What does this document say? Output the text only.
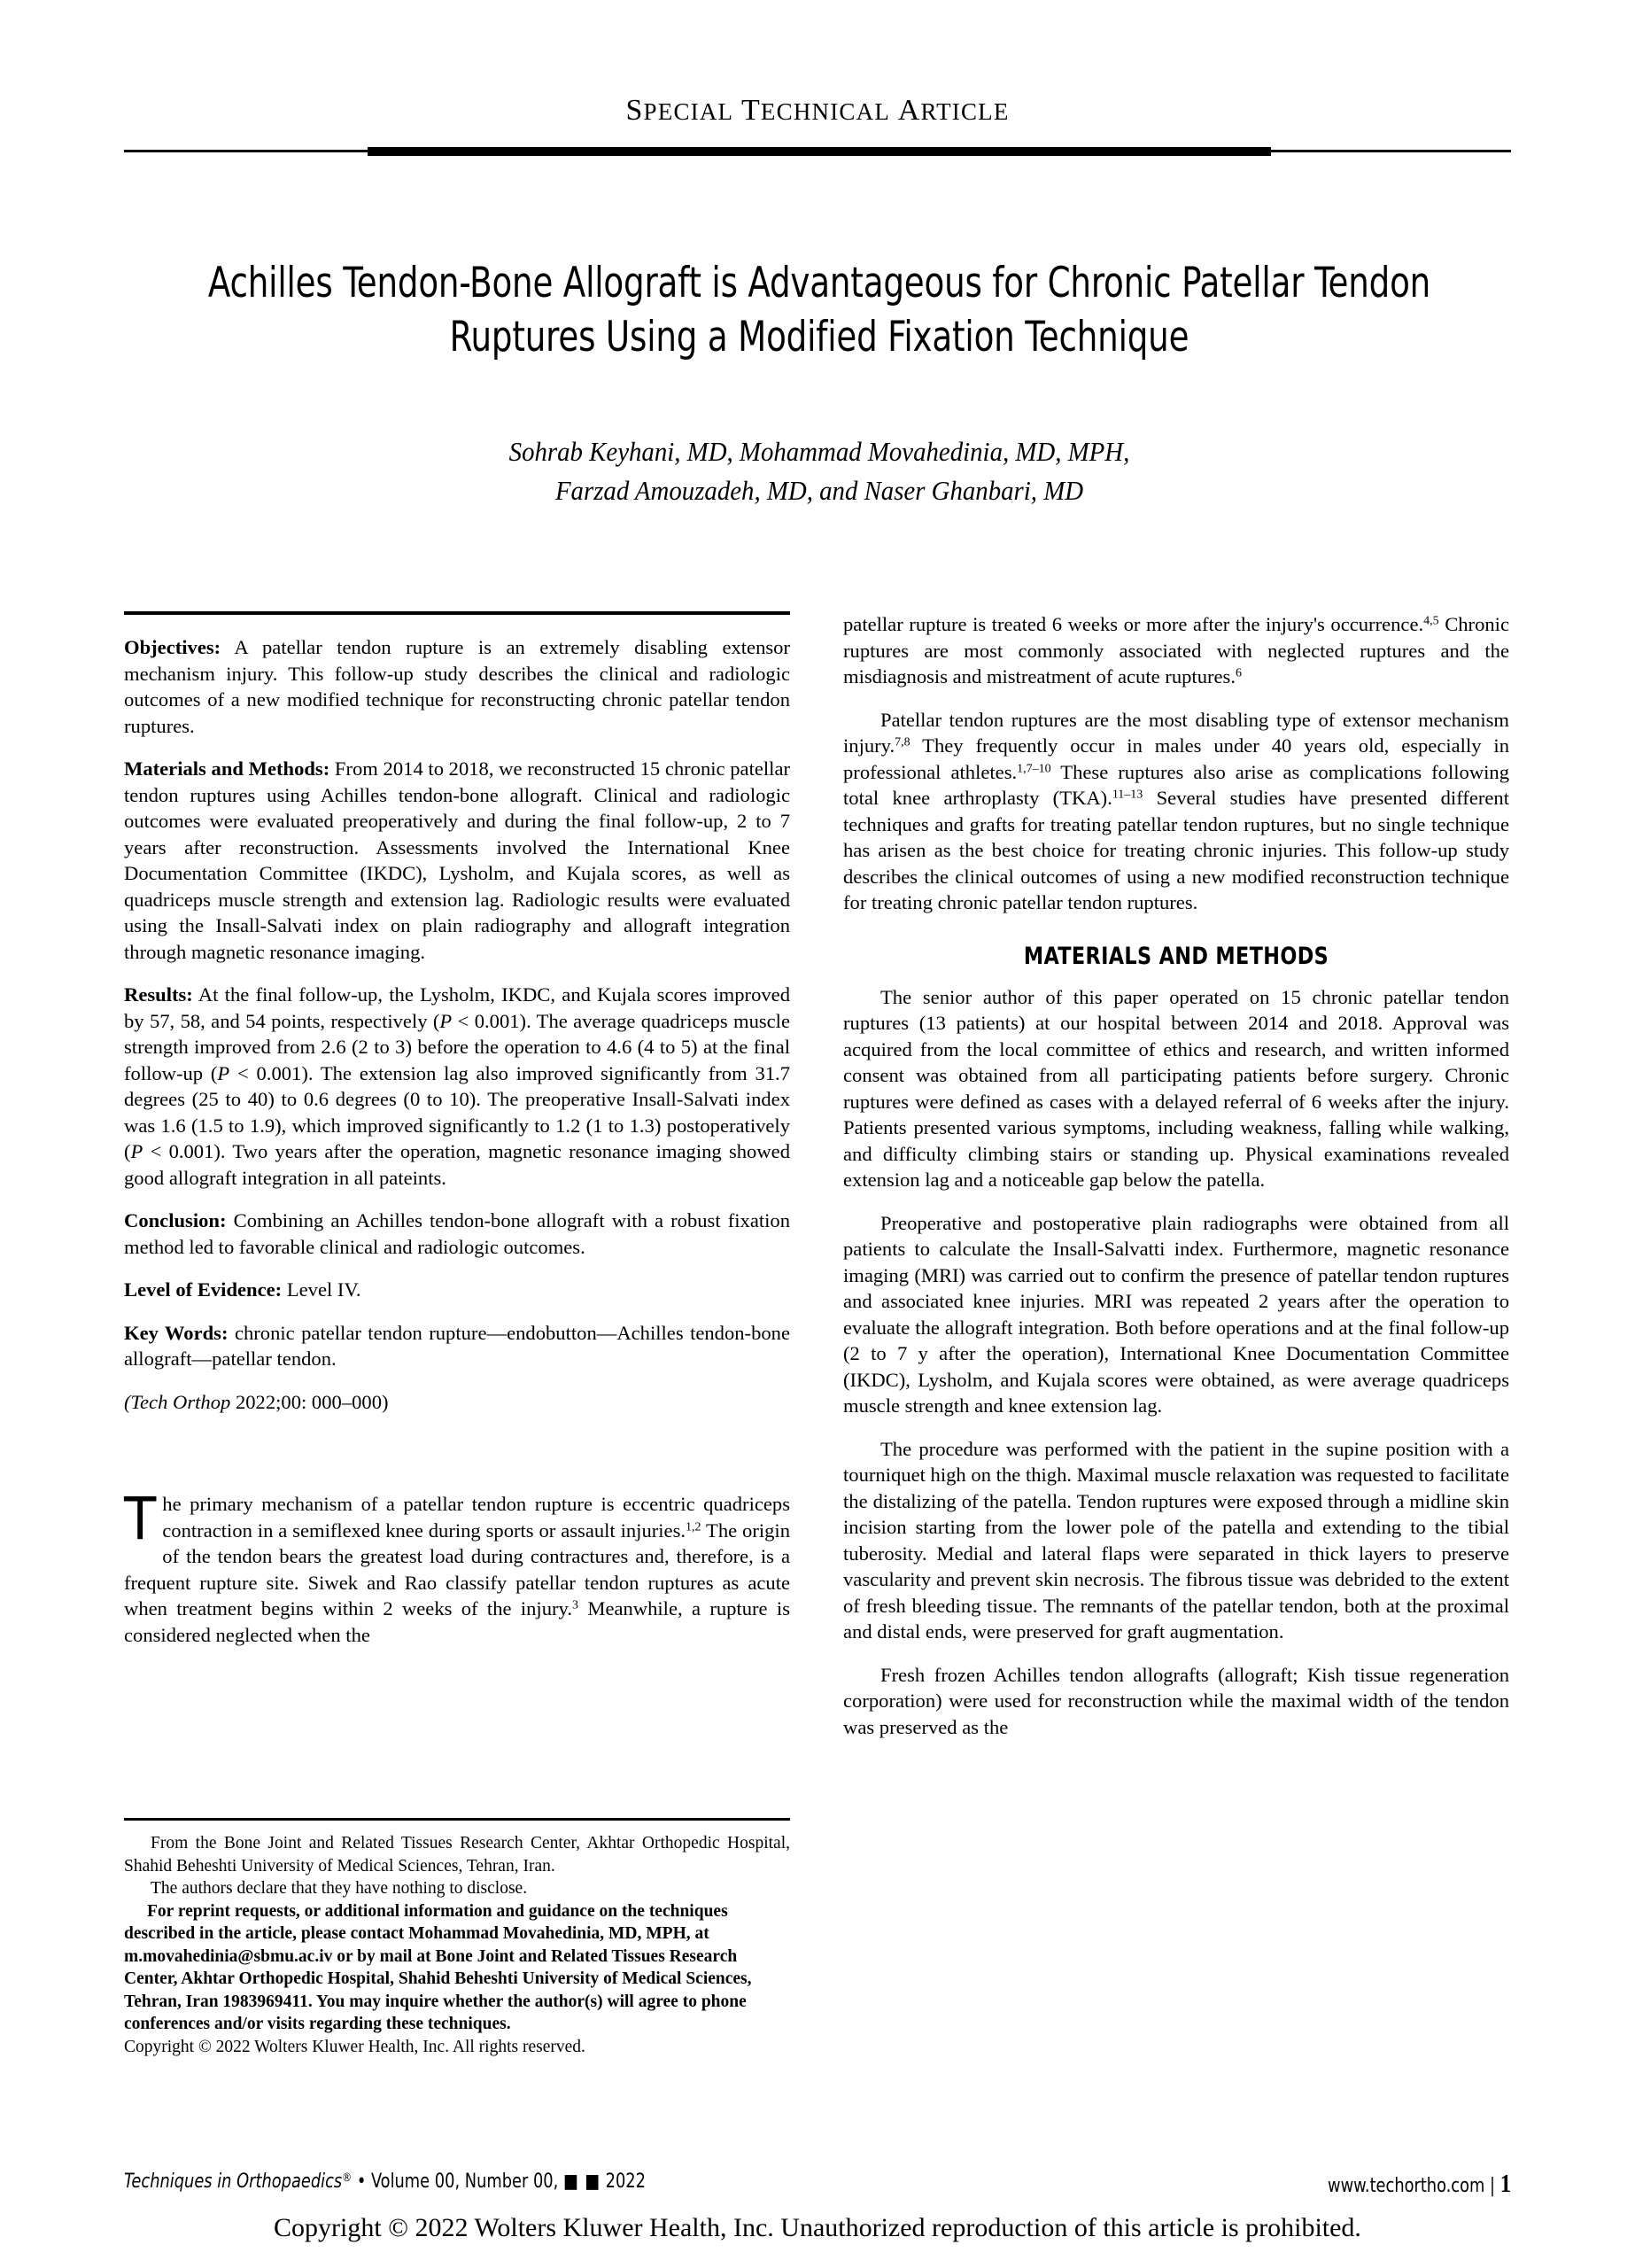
SPECIAL TECHNICAL ARTICLE
Achilles Tendon-Bone Allograft is Advantageous for Chronic Patellar Tendon Ruptures Using a Modified Fixation Technique
Sohrab Keyhani, MD, Mohammad Movahedinia, MD, MPH,
Farzad Amouzadeh, MD, and Naser Ghanbari, MD

Objectives: A patellar tendon rupture is an extremely disabling extensor mechanism injury. This follow-up study describes the clinical and radiologic outcomes of a new modified technique for reconstructing chronic patellar tendon ruptures.

Materials and Methods: From 2014 to 2018, we reconstructed 15 chronic patellar tendon ruptures using Achilles tendon-bone allograft. Clinical and radiologic outcomes were evaluated preoperatively and during the final follow-up, 2 to 7 years after reconstruction. Assessments involved the International Knee Documentation Committee (IKDC), Lysholm, and Kujala scores, as well as quadriceps muscle strength and extension lag. Radiologic results were evaluated using the Insall-Salvati index on plain radiography and allograft integration through magnetic resonance imaging.

Results: At the final follow-up, the Lysholm, IKDC, and Kujala scores improved by 57, 58, and 54 points, respectively (P < 0.001). The average quadriceps muscle strength improved from 2.6 (2 to 3) before the operation to 4.6 (4 to 5) at the final follow-up (P < 0.001). The extension lag also improved significantly from 31.7 degrees (25 to 40) to 0.6 degrees (0 to 10). The preoperative Insall-Salvati index was 1.6 (1.5 to 1.9), which improved significantly to 1.2 (1 to 1.3) postoperatively (P < 0.001). Two years after the operation, magnetic resonance imaging showed good allograft integration in all pateints.

Conclusion: Combining an Achilles tendon-bone allograft with a robust fixation method led to favorable clinical and radiologic outcomes.

Level of Evidence: Level IV.

Key Words: chronic patellar tendon rupture—endobutton—Achilles tendon-bone allograft—patellar tendon.

(Tech Orthop 2022;00: 000–000)

The primary mechanism of a patellar tendon rupture is eccentric quadriceps contraction in a semiflexed knee during sports or assault injuries.$^{1,2}$ The origin of the tendon bears the greatest load during contractures and, therefore, is a frequent rupture site. Siwek and Rao classify patellar tendon ruptures as acute when treatment begins within 2 weeks of the injury.$^3$ Meanwhile, a rupture is considered neglected when the

patellar rupture is treated 6 weeks or more after the injury's occurrence.$^{4,5}$ Chronic ruptures are most commonly associated with neglected ruptures and the misdiagnosis and mistreatment of acute ruptures.$^6$

Patellar tendon ruptures are the most disabling type of extensor mechanism injury.$^{7,8}$ They frequently occur in males under 40 years old, especially in professional athletes.$^{1,7-10}$ These ruptures also arise as complications following total knee arthroplasty (TKA).$^{11-13}$ Several studies have presented different techniques and grafts for treating patellar tendon ruptures, but no single technique has arisen as the best choice for treating chronic injuries. This follow-up study describes the clinical outcomes of using a new modified reconstruction technique for treating chronic patellar tendon ruptures.

MATERIALS AND METHODS

The senior author of this paper operated on 15 chronic patellar tendon ruptures (13 patients) at our hospital between 2014 and 2018. Approval was acquired from the local committee of ethics and research, and written informed consent was obtained from all participating patients before surgery. Chronic ruptures were defined as cases with a delayed referral of 6 weeks after the injury. Patients presented various symptoms, including weakness, falling while walking, and difficulty climbing stairs or standing up. Physical examinations revealed extension lag and a noticeable gap below the patella.

Preoperative and postoperative plain radiographs were obtained from all patients to calculate the Insall-Salvatti index. Furthermore, magnetic resonance imaging (MRI) was carried out to confirm the presence of patellar tendon ruptures and associated knee injuries. MRI was repeated 2 years after the operation to evaluate the allograft integration. Both before operations and at the final follow-up (2 to 7 y after the operation), International Knee Documentation Committee (IKDC), Lysholm, and Kujala scores were obtained, as were average quadriceps muscle strength and knee extension lag.

The procedure was performed with the patient in the supine position with a tourniquet high on the thigh. Maximal muscle relaxation was requested to facilitate the distalizing of the patella. Tendon ruptures were exposed through a midline skin incision starting from the lower pole of the patella and extending to the tibial tuberosity. Medial and lateral flaps were separated in thick layers to preserve vascularity and prevent skin necrosis. The fibrous tissue was debrided to the extent of fresh bleeding tissue. The remnants of the patellar tendon, both at the proximal and distal ends, were preserved for graft augmentation.

Fresh frozen Achilles tendon allografts (allograft; Kish tissue regeneration corporation) were used for reconstruction while the maximal width of the tendon was preserved as the

From the Bone Joint and Related Tissues Research Center, Akhtar Orthopedic Hospital, Shahid Beheshti University of Medical Sciences, Tehran, Iran.

The authors declare that they have nothing to disclose.

For reprint requests, or additional information and guidance on the techniques described in the article, please contact Mohammad Movahedinia, MD, MPH, at m.movahedinia@sbmu.ac.iv or by mail at Bone Joint and Related Tissues Research Center, Akhtar Orthopedic Hospital, Shahid Beheshti University of Medical Sciences, Tehran, Iran 1983969411. You may inquire whether the author(s) will agree to phone conferences and/or visits regarding these techniques.

Copyright © 2022 Wolters Kluwer Health, Inc. All rights reserved.

Techniques in Orthopaedics® • Volume 00, Number 00, ■ ■ 2022	www.techortho.com | 1
Copyright © 2022 Wolters Kluwer Health, Inc. Unauthorized reproduction of this article is prohibited.
